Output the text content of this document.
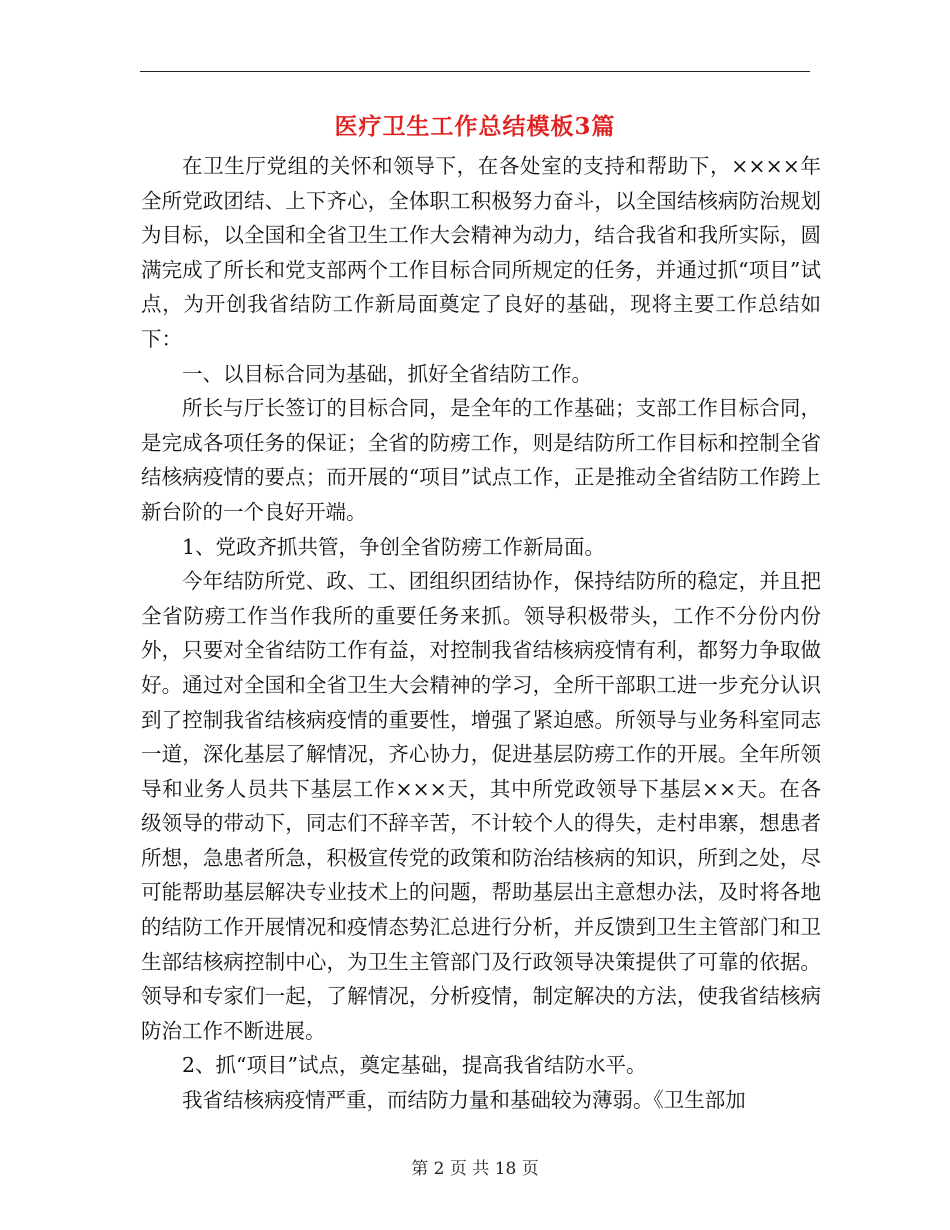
医疗卫生工作总结模板3篇

在卫生厅党组的关怀和领导下，在各处室的支持和帮助下，××××年全所党政团结、上下齐心，全体职工积极努力奋斗，以全国结核病防治规划为目标，以全国和全省卫生工作大会精神为动力，结合我省和我所实际，圆满完成了所长和党支部两个工作目标合同所规定的任务，并通过抓“项目”试点，为开创我省结防工作新局面奠定了良好的基础，现将主要工作总结如下：

一、以目标合同为基础，抓好全省结防工作。

所长与厅长签订的目标合同，是全年的工作基础；支部工作目标合同，是完成各项任务的保证；全省的防痨工作，则是结防所工作目标和控制全省结核病疫情的要点；而开展的“项目”试点工作，正是推动全省结防工作跨上新台阶的一个良好开端。

1、党政齐抓共管，争创全省防痨工作新局面。

今年结防所党、政、工、团组织团结协作，保持结防所的稳定，并且把全省防痨工作当作我所的重要任务来抓。领导积极带头，工作不分份内份外，只要对全省结防工作有益，对控制我省结核病疫情有利，都努力争取做好。通过对全国和全省卫生大会精神的学习，全所干部职工进一步充分认识到了控制我省结核病疫情的重要性，增强了紧迫感。所领导与业务科室同志一道，深化基层了解情况，齐心协力，促进基层防痨工作的开展。全年所领导和业务人员共下基层工作×××天，其中所党政领导下基层××天。在各级领导的带动下，同志们不辞辛苦，不计较个人的得失，走村串寨，想患者所想，急患者所急，积极宣传党的政策和防治结核病的知识，所到之处，尽可能帮助基层解决专业技术上的问题，帮助基层出主意想办法，及时将各地的结防工作开展情况和疫情态势汇总进行分析，并反馈到卫生主管部门和卫生部结核病控制中心，为卫生主管部门及行政领导决策提供了可靠的依据。领导和专家们一起，了解情况，分析疫情，制定解决的方法，使我省结核病防治工作不断进展。

2、抓“项目”试点，奠定基础，提高我省结防水平。

我省结核病疫情严重，而结防力量和基础较为薄弱。《卫生部加

第 2 页 共 18 页
